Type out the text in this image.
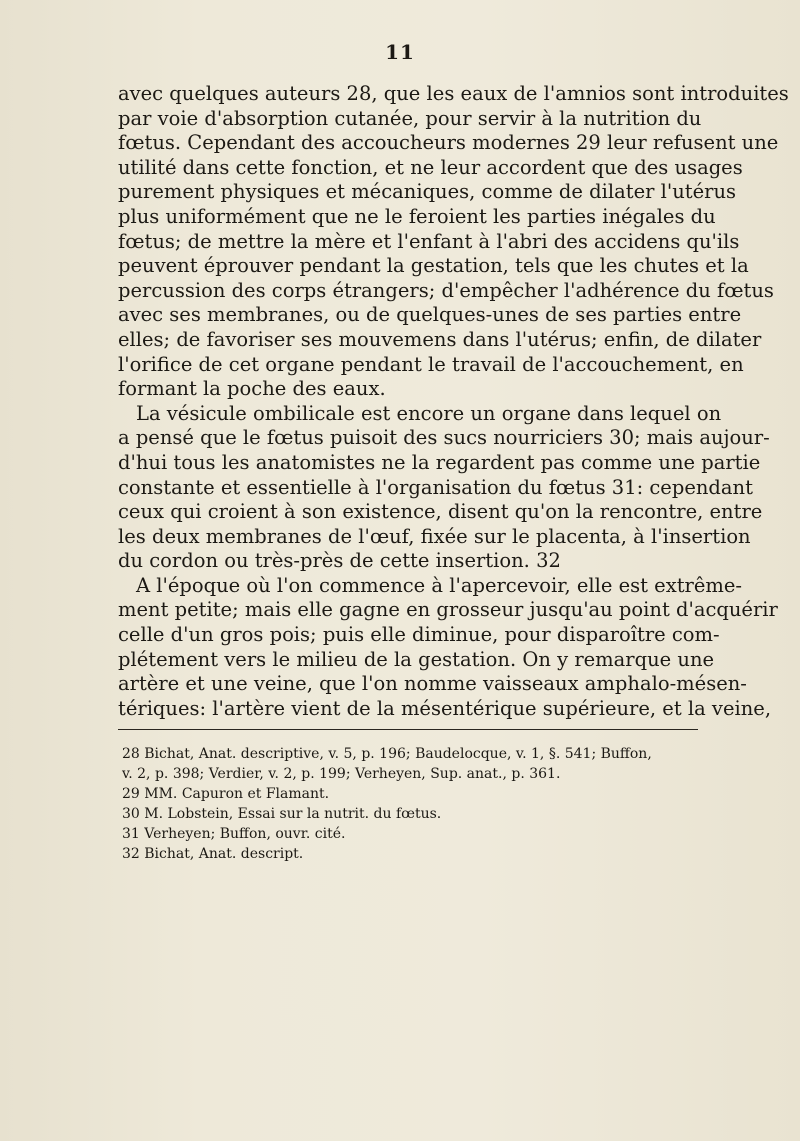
11
avec quelques auteurs 28, que les eaux de l'amnios sont introduites
par voie d'absorption cutanée, pour servir à la nutrition du
fœtus. Cependant des accoucheurs modernes 29 leur refusent une
utilité dans cette fonction, et ne leur accordent que des usages
purement physiques et mécaniques, comme de dilater l'utérus
plus uniformément que ne le feroient les parties inégales du
fœtus; de mettre la mère et l'enfant à l'abri des accidens qu'ils
peuvent éprouver pendant la gestation, tels que les chutes et la
percussion des corps étrangers; d'empêcher l'adhérence du fœtus
avec ses membranes, ou de quelques-unes de ses parties entre
elles; de favoriser ses mouvemens dans l'utérus; enfin, de dilater
l'orifice de cet organe pendant le travail de l'accouchement, en
formant la poche des eaux.
La vésicule ombilicale est encore un organe dans lequel on
a pensé que le fœtus puisoit des sucs nourriciers 30; mais aujour-
d'hui tous les anatomistes ne la regardent pas comme une partie
constante et essentielle à l'organisation du fœtus 31: cependant
ceux qui croient à son existence, disent qu'on la rencontre, entre
les deux membranes de l'œuf, fixée sur le placenta, à l'insertion
du cordon ou très-près de cette insertion. 32
A l'époque où l'on commence à l'apercevoir, elle est extrême-
ment petite; mais elle gagne en grosseur jusqu'au point d'acquérir
celle d'un gros pois; puis elle diminue, pour disparoître com-
plétement vers le milieu de la gestation. On y remarque une
artère et une veine, que l'on nomme vaisseaux amphalo-mésen-
tériques: l'artère vient de la mésentérique supérieure, et la veine,
28 Bichat, Anat. descriptive, v. 5, p. 196; Baudelocque, v. 1, §. 541; Buffon,
v. 2, p. 398; Verdier, v. 2, p. 199; Verheyen, Sup. anat., p. 361.
29 MM. Capuron et Flamant.
30 M. Lobstein, Essai sur la nutrit. du fœtus.
31 Verheyen; Buffon, ouvr. cité.
32 Bichat, Anat. descript.
